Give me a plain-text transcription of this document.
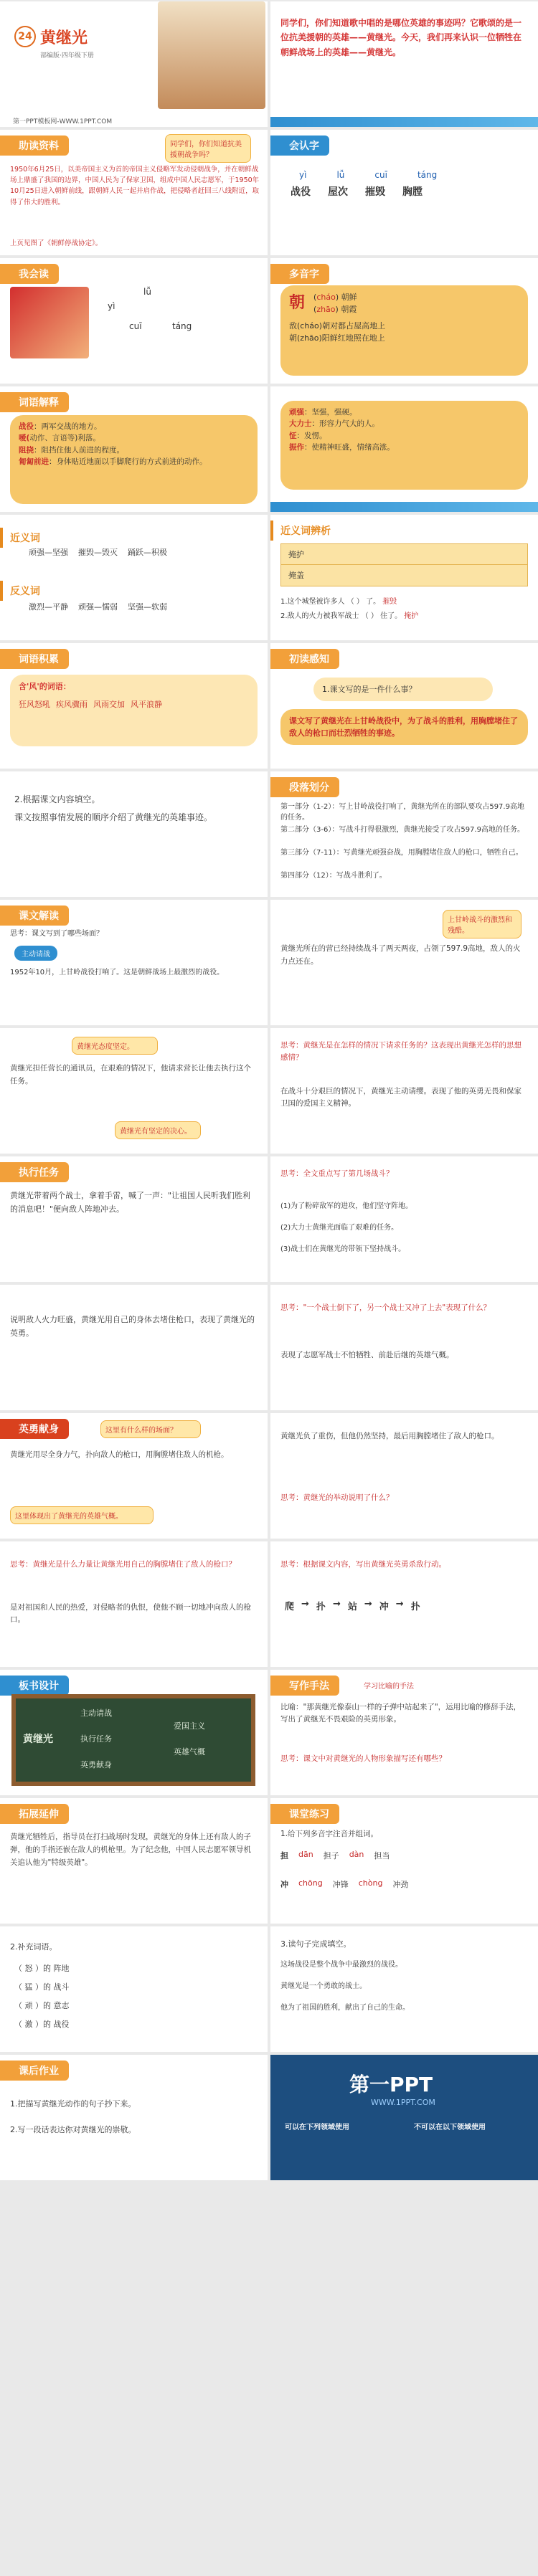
24 黄继光
部编版·四年级下册
第一PPT模板网-WWW.1PPT.COM
同学们，你们知道歌中唱的是哪位英雄的事迹吗？它歌颂的是一位抗美援朝的英雄——黄继光。今天，我们再来认识一位牺牲在朝鲜战场上的英雄——黄继光。
助读资料	同学们，你们知道抗美援朝战争吗？
1950年6月25日，以美帝国主义为首的帝国主义侵略军发动侵朝战争，并在朝鲜战场上鼎盛了我国的边界，中国人民为了保家卫国，组成中国人民志愿军，于1950年10月25日进入朝鲜前线，跟朝鲜人民一起并肩作战，把侵略者赶回三八线附近，取得了伟大的胜利。
上页见图了《朝鲜停战协定》。
会认字
yì	lǚ	cuī	táng
战役 屋次 摧毁 胸膛
我会读
yì
lǚ
cuī	táng
多音字
朝 (cháo) 朝鲜
(zhāo) 朝霞
敌(cháo)朝对都占屋高地上
朝(zhāo)阳鲜红地照在地上
词语解释
战役：两军交战的地方。
嗳(动作、言语等)利落。
阻挠：阻挡住他人前进的程度。
匍匐前进：身体贴近地面以手脚爬行的方式前进的动作。
顽强：坚强，强硬。
大力士：形容力气大的人。
怔：发愣。
振作：使精神旺盛，情绪高涨。
近义词
顽强—坚强 摧毁—毁灭 踊跃—积极
反义词
激烈—平静 顽强—懦弱 坚强—软弱
近义词辨析
掩护
掩盖
1.这个城堡被许多人 （ ） 了。 摧毁
2.敌人的火力被我军战士 （ ） 住了。 掩护
词语积累
含'风'的词语：
狂风怒吼 疾风骤雨 风雨交加 风平浪静
初读感知
1.课文写的是一件什么事？
课文写了黄继光在上甘岭战役中，为了战斗的胜利，用胸膛堵住了敌人的枪口而壮烈牺牲的事迹。
2.根据课文内容填空。
课文按照事情发展的顺序介绍了黄继光的英雄事迹。
段落划分
第一部分（1-2）：写上甘岭战役打响了，黄继光所在的部队要攻占597.9高地的任务。
第二部分（3-6）：写战斗打得很激烈，黄继光接受了攻占597.9高地的任务。
第三部分（7-11）：写黄继光顽强奋战，用胸膛堵住敌人的枪口，牺牲自己。
第四部分（12）：写战斗胜利了。
课文解读
思考：课文写到了哪些场面？
主动请战
1952年10月，上甘岭战役打响了。这是朝鲜战场上最激烈的战役。
黄继光所在的营已经持续战斗了两天两夜，占领了597.9高地，敌人的火力点还在。
上甘岭战斗的激烈和残酷。
黄继光态度坚定。
黄继光担任营长的通讯员，在艰难的情况下，他请求营长让他去执行这个任务。
黄继光有坚定的决心。
思考：黄继光是在怎样的情况下请求任务的？这表现出黄继光怎样的思想感情？
在战斗十分艰巨的情况下，黄继光主动请缨。表现了他的英勇无畏和保家卫国的爱国主义精神。
执行任务
黄继光带着两个战士，拿着手雷，喊了一声："让祖国人民听我们胜利的消息吧！"便向敌人阵地冲去。
思考：全文重点写了第几场战斗？
(1)为了粉碎敌军的进攻，他们坚守阵地。
(2)大力士黄继光面临了艰难的任务。
(3)战士们在黄继光的带领下坚持战斗。
说明敌人火力旺盛，黄继光用自己的身体去堵住枪口，表现了黄继光的英勇。
思考："一个战士倒下了，另一个战士又冲了上去"表现了什么？
表现了志愿军战士不怕牺牲、前赴后继的英雄气概。
英勇献身	这里有什么样的场面？
黄继光用尽全身力气，扑向敌人的枪口，用胸膛堵住敌人的机枪。
这里体现出了黄继光的英雄气概。
黄继光负了重伤，但他仍然坚持，最后用胸膛堵住了敌人的枪口。
思考：黄继光的举动说明了什么？
思考：黄继光是什么力量让黄继光用自己的胸膛堵住了敌人的枪口？
是对祖国和人民的热爱，对侵略者的仇恨，使他不顾一切地冲向敌人的枪口。
思考：根据课文内容，写出黄继光英勇杀敌行动。
爬 → 扑 → 站 → 冲 → 扑
板书设计
黄继光
主动请战
执行任务
英勇献身
爱国主义
英雄气概
写作手法	学习比喻的手法
比喻："那黄继光像泰山一样的子弹中站起来了"，运用比喻的修辞手法，写出了黄继光不畏艰险的英勇形象。
思考：课文中对黄继光的人物形象描写还有哪些？
拓展延伸
黄继光牺牲后，指导员在打扫战场时发现，黄继光的身体上还有敌人的子弹，他的手指还嵌在敌人的机枪里。为了纪念他，中国人民志愿军领导机关追认他为"特级英雄"。
课堂练习
1.给下列多音字注音并组词。
担 dān 担子 dàn 担当
冲 chōng 冲锋 chòng 冲劲
2.补充词语。
（ 怒 ）的 阵地
（ 猛 ）的 战斗
（ 顽 ）的 意志
（ 激 ）的 战役
3.读句子完成填空。
这场战役是整个战争中最激烈的战役。
黄继光是一个勇敢的战士。
他为了祖国的胜利，献出了自己的生命。
课后作业
1.把描写黄继光动作的句子抄下来。
2.写一段话表达你对黄继光的崇敬。
第一PPT
WWW.1PPT.COM
可以在下列领域使用	不可以在以下领域使用
